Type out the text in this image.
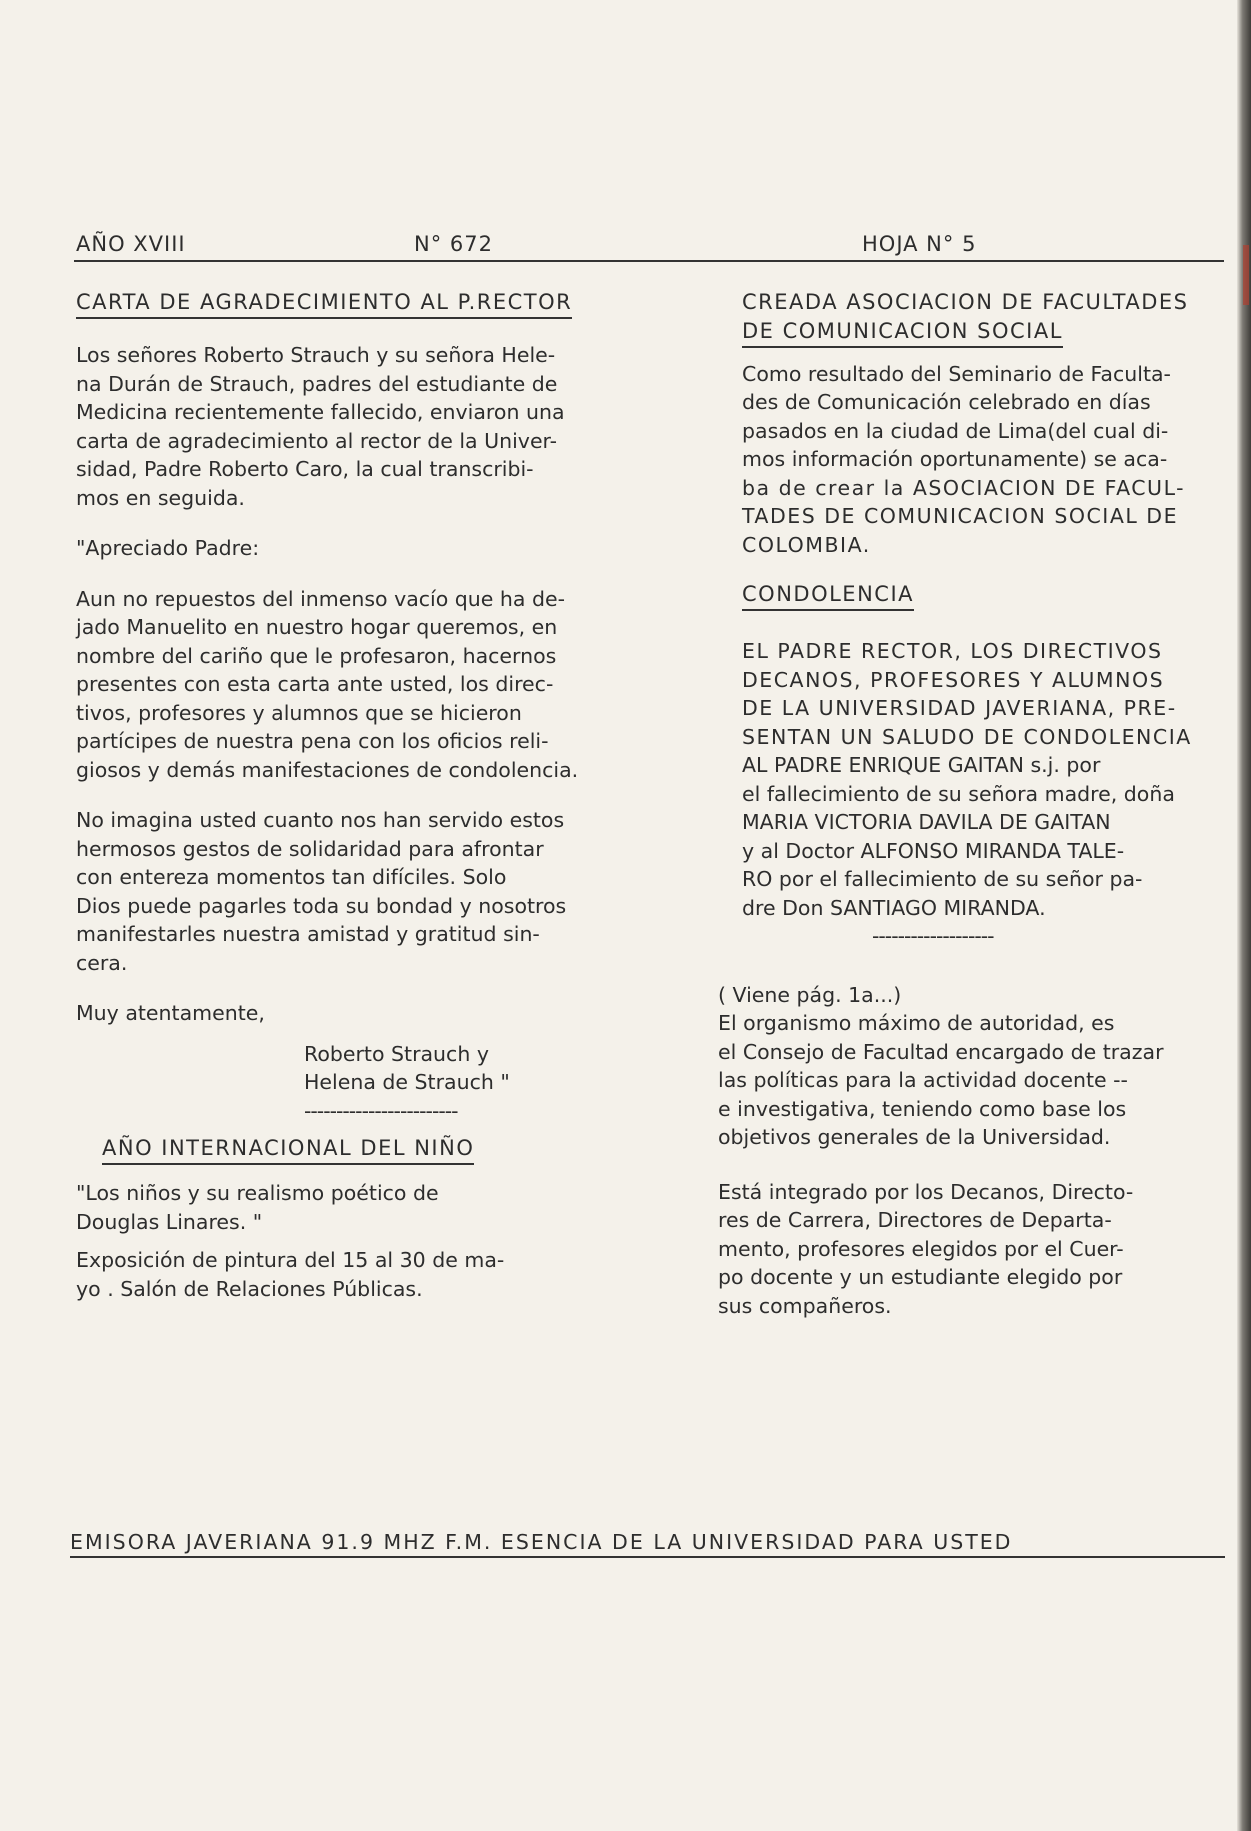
AÑO XVIII	N° 672	HOJA N° 5
CARTA DE AGRADECIMIENTO AL P.RECTOR

Los señores Roberto Strauch y su señora Hele-

na Durán de Strauch, padres del estudiante de

Medicina recientemente fallecido, enviaron una

carta de agradecimiento al rector de la Univer-

sidad, Padre Roberto Caro, la cual transcribi-

mos en seguida.

"Apreciado Padre:

Aun no repuestos del inmenso vacío que ha de-

jado Manuelito en nuestro hogar queremos, en

nombre del cariño que le profesaron, hacernos

presentes con esta carta ante usted, los direc-

tivos, profesores y alumnos que se hicieron

partícipes de nuestra pena con los oficios reli-

giosos y demás manifestaciones de condolencia.

No imagina usted cuanto nos han servido estos

hermosos gestos de solidaridad para afrontar

con entereza momentos tan difíciles. Solo

Dios puede pagarles toda su bondad y nosotros

manifestarles nuestra amistad y gratitud sin-

cera.

Muy atentamente,

Roberto Strauch y

Helena de Strauch "

------------------------

AÑO INTERNACIONAL DEL NIÑO

"Los niños y su realismo poético de

Douglas Linares. "

Exposición de pintura del 15 al 30 de ma-

yo . Salón de Relaciones Públicas.

CREADA ASOCIACION DE FACULTADES
DE COMUNICACION SOCIAL

Como resultado del Seminario de Faculta-

des de Comunicación celebrado en días

pasados en la ciudad de Lima(del cual di-

mos información oportunamente) se aca-

ba de crear la ASOCIACION DE FACUL-

TADES DE COMUNICACION SOCIAL DE

COLOMBIA.

CONDOLENCIA

EL PADRE RECTOR, LOS DIRECTIVOS

DECANOS, PROFESORES Y ALUMNOS

DE LA UNIVERSIDAD JAVERIANA, PRE-

SENTAN UN SALUDO DE CONDOLENCIA

AL PADRE ENRIQUE GAITAN s.j. por

el fallecimiento de su señora madre, doña

MARIA VICTORIA DAVILA DE GAITAN

y al Doctor ALFONSO MIRANDA TALE-

RO por el fallecimiento de su señor pa-

dre Don SANTIAGO MIRANDA.

-------------------

( Viene pág. 1a...)

El organismo máximo de autoridad, es

el Consejo de Facultad encargado de trazar

las políticas para la actividad docente --

e investigativa, teniendo como base los

objetivos generales de la Universidad.

Está integrado por los Decanos, Directo-

res de Carrera, Directores de Departa-

mento, profesores elegidos por el Cuer-

po docente y un estudiante elegido por

sus compañeros.

EMISORA JAVERIANA 91.9 MHZ F.M. ESENCIA DE LA UNIVERSIDAD PARA USTED
